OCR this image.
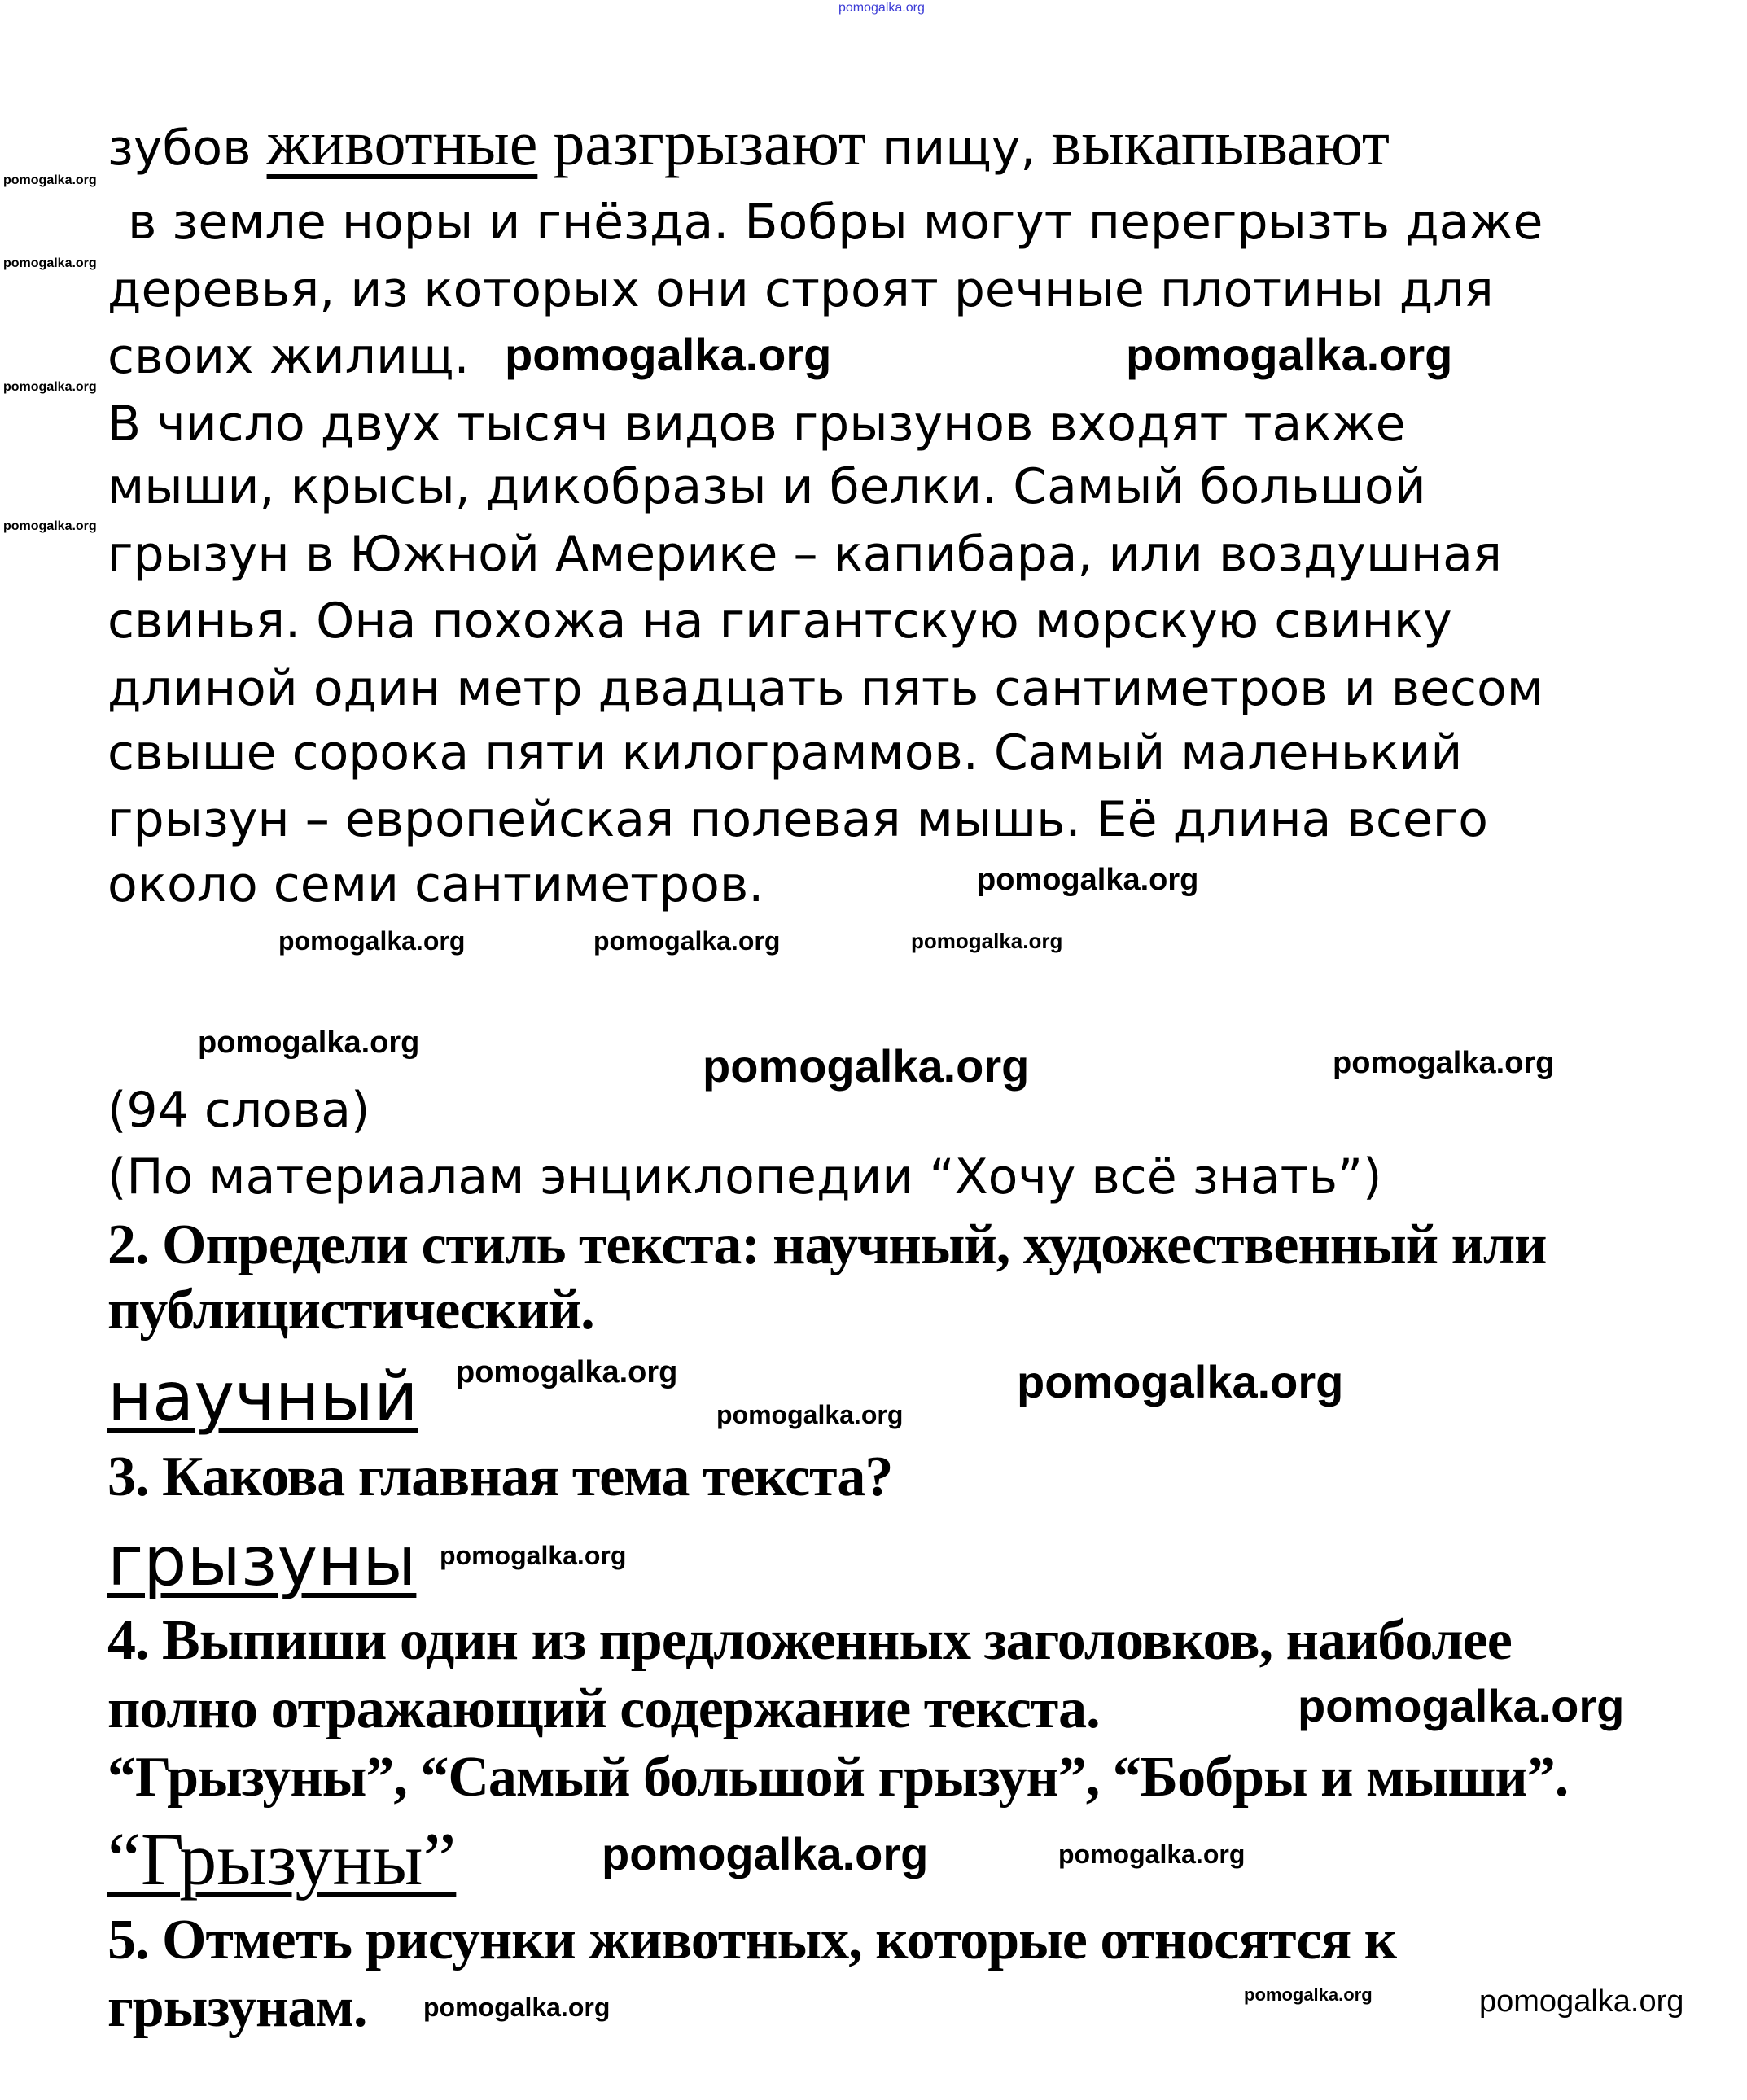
pomogalka.org
зубов животные разгрызают пищу, выкапывают
в земле норы и гнёзда. Бобры могут перегрызть даже
деревья, из которых они строят речные плотины для
своих жилищ.
В число двух тысяч видов грызунов входят также
мыши, крысы, дикобразы и белки. Самый большой
грызун в Южной Америке – капибара, или воздушная
свинья. Она похожа на гигантскую морскую свинку
длиной один метр двадцать пять сантиметров и весом
свыше сорока пяти килограммов. Самый маленький
грызун – европейская полевая мышь. Её длина всего
около семи сантиметров.
(94 слова)
(По материалам энциклопедии “Хочу всё знать”)
2. Определи стиль текста: научный, художественный или
публицистический.
научный
3. Какова главная тема текста?
грызуны
4. Выпиши один из предложенных заголовков, наиболее
полно отражающий содержание текста.
“Грызуны”, “Самый большой грызун”, “Бобры и мыши”.
“Грызуны”
5. Отметь рисунки животных, которые относятся к
грызунам.
pomogalka.org
pomogalka.org
pomogalka.org	pomogalka.org
pomogalka.org
pomogalka.org
pomogalka.org	pomogalka.org	pomogalka.org
pomogalka.org
pomogalka.org	pomogalka.org	pomogalka.org
pomogalka.org
pomogalka.org	pomogalka.org
pomogalka.org
pomogalka.org
pomogalka.org
pomogalka.org
pomogalka.org	pomogalka.org	pomogalka.org
